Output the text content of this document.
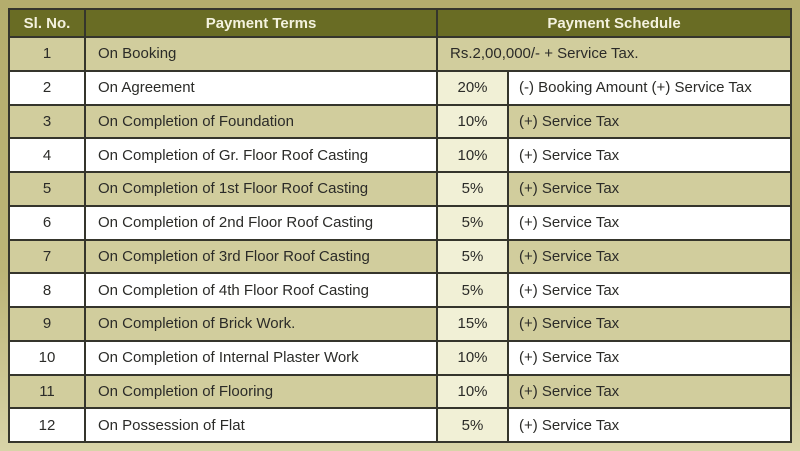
Sl. No.	Payment Terms	Payment Schedule	
1	On Booking	Rs.2,00,000/- + Service Tax.	
2	On Agreement	20%	(-) Booking Amount (+) Service Tax
3	On Completion of Foundation	10%	(+) Service Tax
4	On Completion of Gr. Floor Roof Casting	10%	(+) Service Tax
5	On Completion of 1st Floor Roof Casting	5%	(+) Service Tax
6	On Completion of 2nd Floor Roof Casting	5%	(+) Service Tax
7	On Completion of 3rd Floor Roof Casting	5%	(+) Service Tax
8	On Completion of 4th Floor Roof Casting	5%	(+) Service Tax
9	On Completion of Brick Work.	15%	(+) Service Tax
10	On Completion of Internal Plaster Work	10%	(+) Service Tax
11	On Completion of Flooring	10%	(+) Service Tax
12	On Possession of Flat	5%	(+) Service Tax
